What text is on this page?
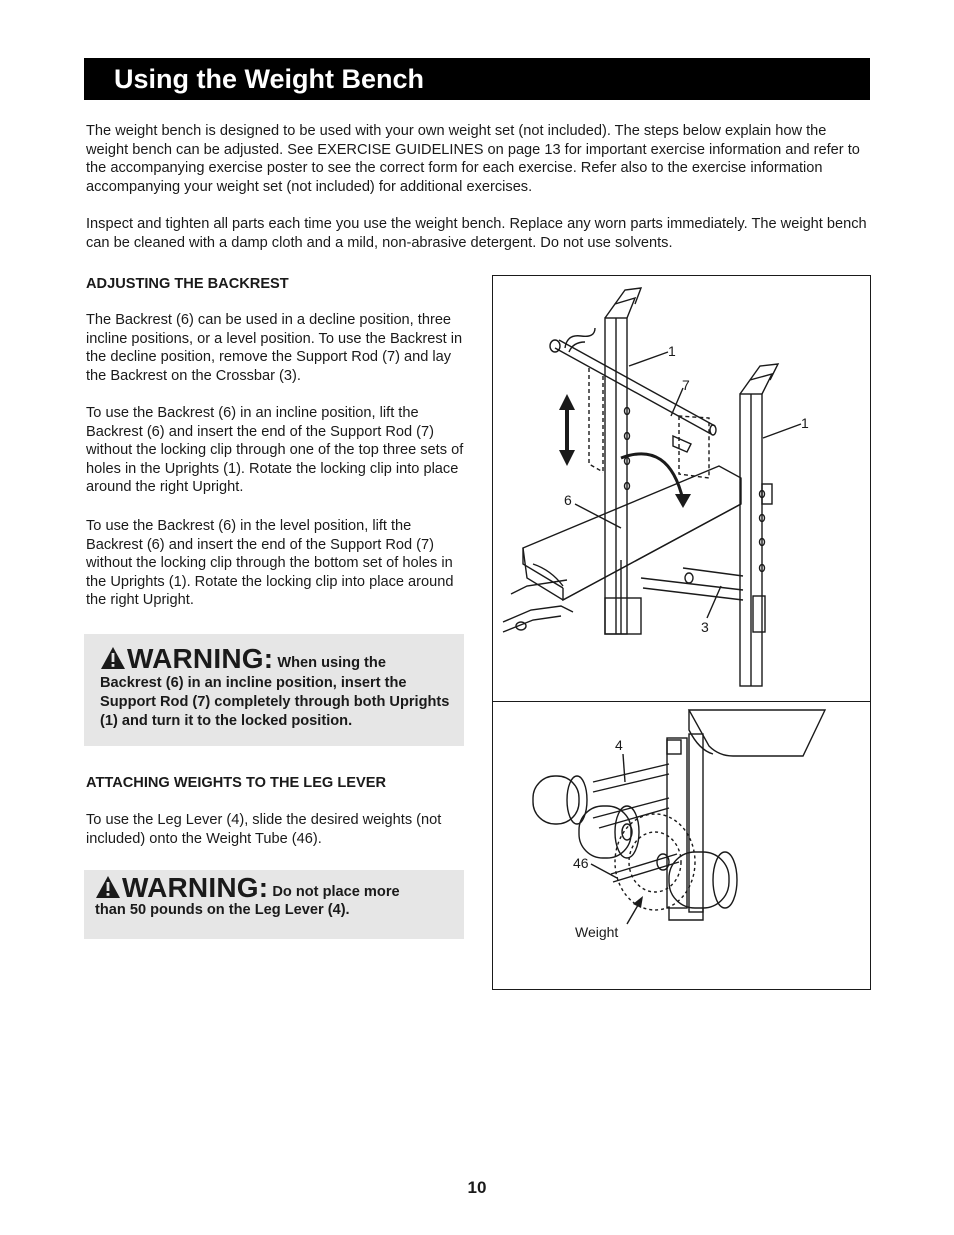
Using the Weight Bench

The weight bench is designed to be used with your own weight set (not included). The steps below explain how the weight bench can be adjusted. See EXERCISE GUIDELINES on page 13 for important exercise information and refer to the accompanying exercise poster to see the correct form for each exercise. Refer also to the exercise information accompanying your weight set (not included) for additional exercises.

Inspect and tighten all parts each time you use the weight bench. Replace any worn parts immediately. The weight bench can be cleaned with a damp cloth and a mild, non-abrasive detergent. Do not use solvents.

ADJUSTING THE BACKREST

The Backrest (6) can be used in a decline position, three incline positions, or a level position. To use the Backrest in the decline position, remove the Support Rod (7) and lay the Backrest on the Crossbar (3).

To use the Backrest (6) in an incline position, lift the Backrest (6) and insert the end of the Support Rod (7) without the locking clip through one of the top three sets of holes in the Uprights (1). Rotate the locking clip into place around the right Upright.

To use the Backrest (6) in the level position, lift the Backrest (6) and insert the end of the Support Rod (7) without the locking clip through the bottom set of holes in the Uprights (1). Rotate the locking clip into place around the right Upright.

WARNING: When using the
Backrest (6) in an incline position, insert the Support Rod (7) completely through both Uprights (1) and turn it to the locked position.

ATTACHING WEIGHTS TO THE LEG LEVER

To use the Leg Lever (4), slide the desired weights (not included) onto the Weight Tube (46).

WARNING: Do not place more
than 50 pounds on the Leg Lever (4).

1
7
1
6
3
4
46
Weight
10
